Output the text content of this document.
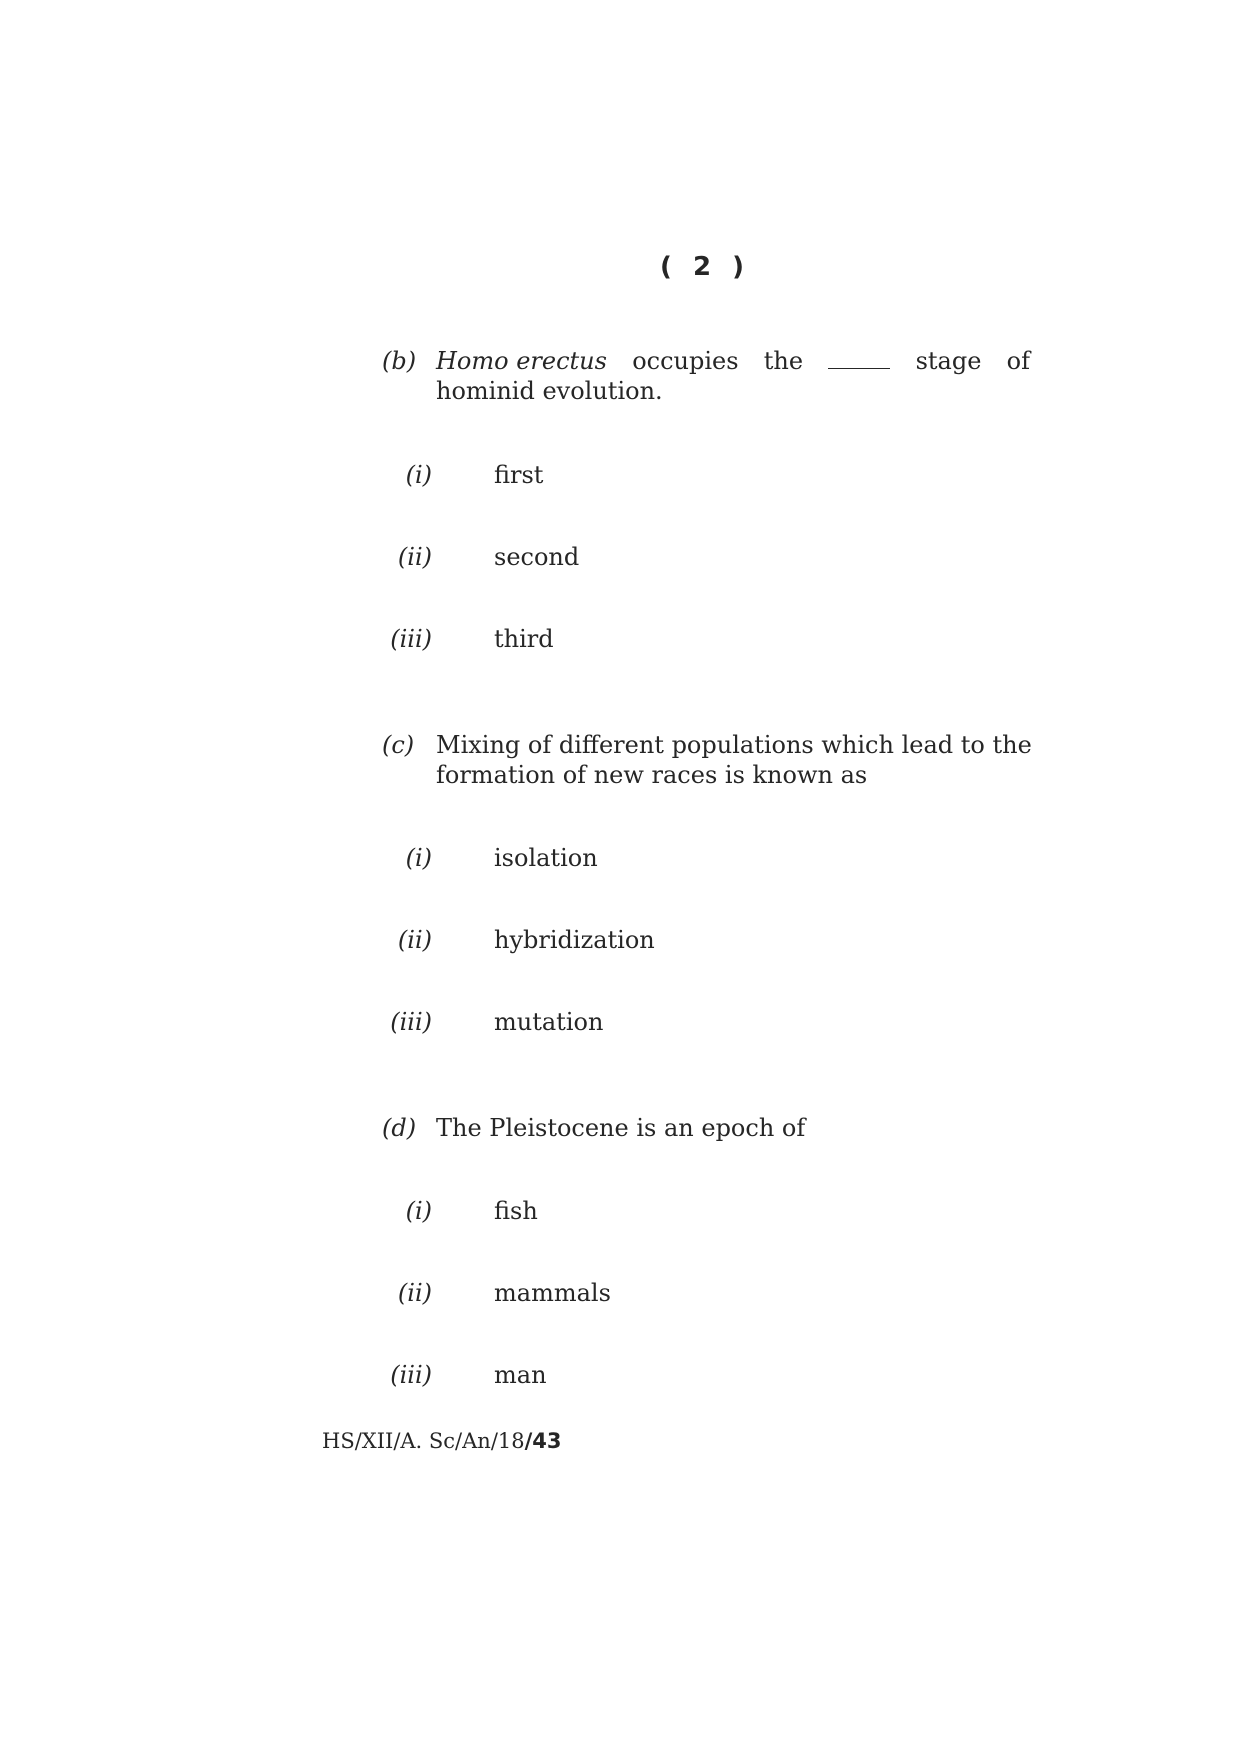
( 2 )
(b) Homo erectus occupies the	stage of
hominid evolution.
(i)	first
(ii)	second
(iii)	third
(c) Mixing of different populations which lead to the
formation of new races is known as
(i)	isolation
(ii)	hybridization
(iii)	mutation
(d) The Pleistocene is an epoch of
(i)	fish
(ii)	mammals
(iii)	man
HS/XII/A. Sc/An/18/43
